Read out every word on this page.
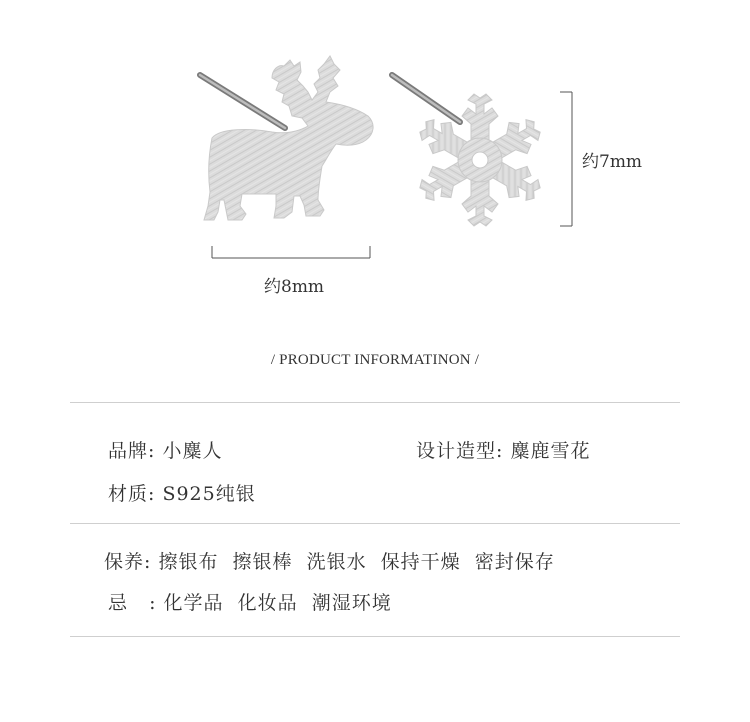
约8mm
约7mm
/ PRODUCT INFORMATINON /
品牌: 小麋人	设计造型: 麋鹿雪花
材质: S925纯银
保养: 擦银布  擦银棒  洗银水  保持干燥  密封保存
忌   : 化学品  化妆品  潮湿环境
